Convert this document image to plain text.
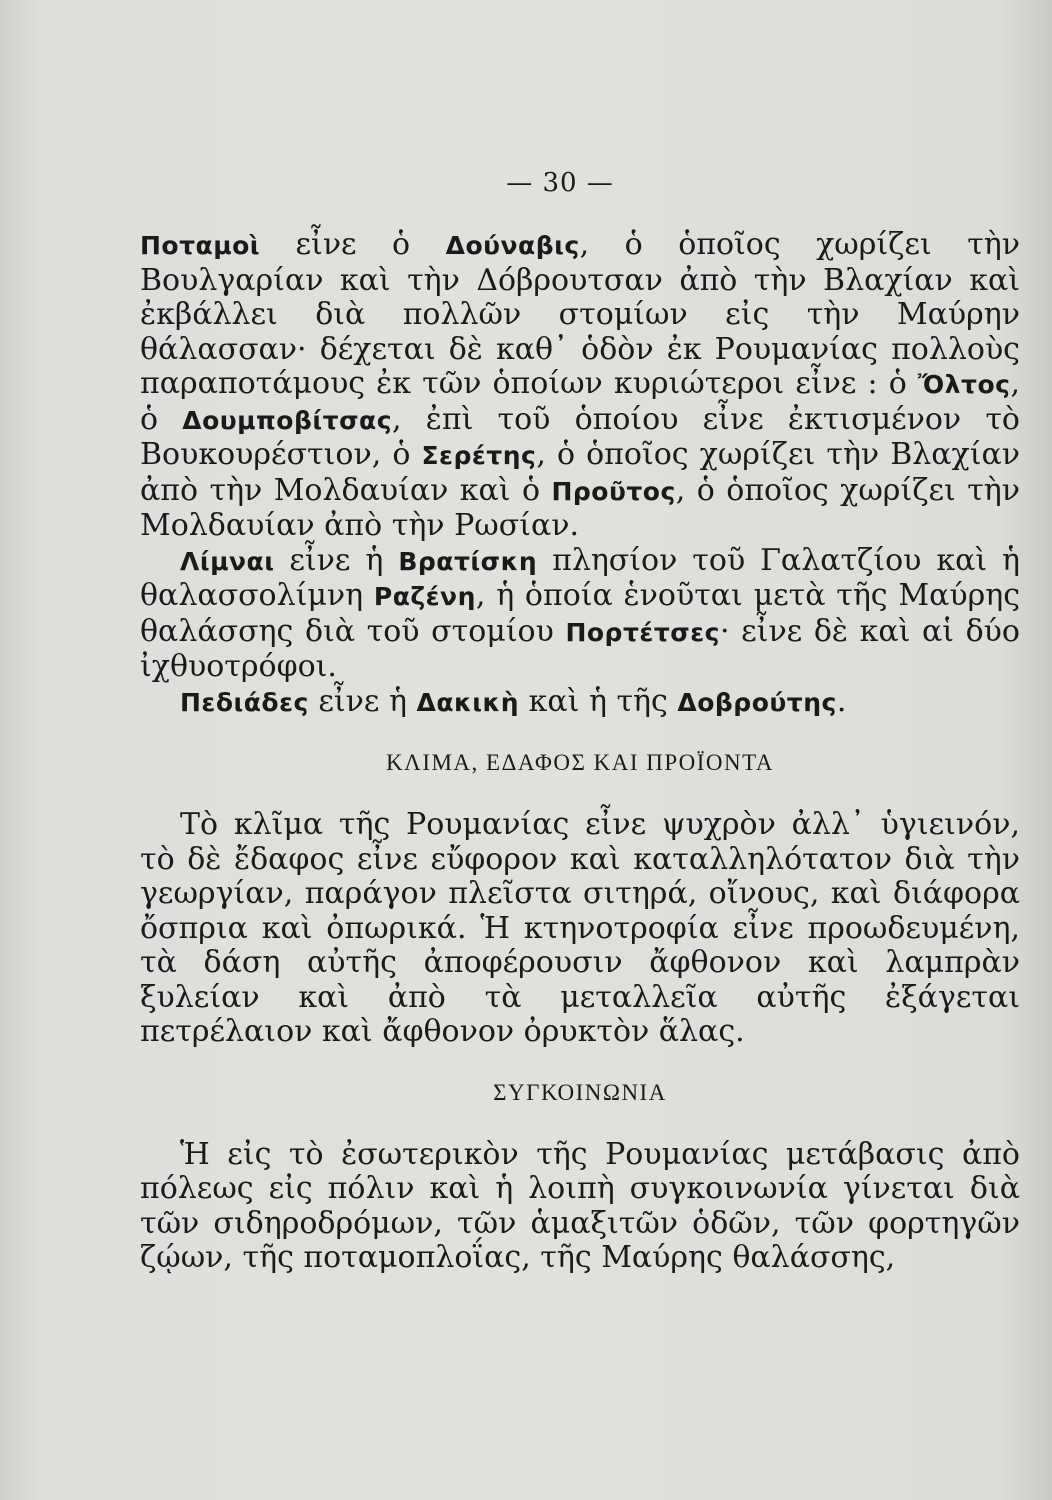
— 30 —

Ποταμοὶ εἶνε ὁ Δούναβις, ὁ ὁποῖος χωρίζει τὴν Βουλγαρίαν καὶ τὴν Δόβρουτσαν ἀπὸ τὴν Βλαχίαν καὶ ἐκβάλλει διὰ πολλῶν στομίων εἰς τὴν Μαύρην θάλασσαν· δέχεται δὲ καθ᾽ ὁδὸν ἐκ Ρουμανίας πολλοὺς παραποτάμους ἐκ τῶν ὁποίων κυριώτεροι εἶνε : ὁ Ὄλτος, ὁ Δουμποβίτσας, ἐπὶ τοῦ ὁποίου εἶνε ἐκτισμένον τὸ Βουκουρέστιον, ὁ Σερέτης, ὁ ὁποῖος χωρίζει τὴν Βλαχίαν ἀπὸ τὴν Μολδαυίαν καὶ ὁ Προῦτος, ὁ ὁποῖος χωρίζει τὴν Μολδαυίαν ἀπὸ τὴν Ρωσίαν.

Λίμναι εἶνε ἡ Βρατίσκη πλησίον τοῦ Γαλατζίου καὶ ἡ θαλασσολίμνη Ραζένη, ἡ ὁποία ἑνοῦται μετὰ τῆς Μαύρης θαλάσσης διὰ τοῦ στομίου Πορτέτσες· εἶνε δὲ καὶ αἱ δύο ἰχθυοτρόφοι.

Πεδιάδες εἶνε ἡ Δακικὴ καὶ ἡ τῆς Δοβρούτης.

ΚΛΙΜΑ, ΕΔΑΦΟΣ ΚΑΙ ΠΡΟΪΟΝΤΑ

Τὸ κλῖμα τῆς Ρουμανίας εἶνε ψυχρὸν ἀλλ᾽ ὑγιεινόν, τὸ δὲ ἔδαφος εἶνε εὔφορον καὶ καταλληλότατον διὰ τὴν γεωργίαν, παράγον πλεῖστα σιτηρά, οἴνους, καὶ διάφορα ὄσπρια καὶ ὀπωρικά. Ἡ κτηνοτροφία εἶνε προωδευμένη, τὰ δάση αὐτῆς ἀποφέρουσιν ἄφθονον καὶ λαμπρὰν ξυλείαν καὶ ἀπὸ τὰ μεταλλεῖα αὐτῆς ἐξάγεται πετρέλαιον καὶ ἄφθονον ὀρυκτὸν ἅλας.

ΣΥΓΚΟΙΝΩΝΙΑ

Ἡ εἰς τὸ ἐσωτερικὸν τῆς Ρουμανίας μετάβασις ἀπὸ πόλεως εἰς πόλιν καὶ ἡ λοιπὴ συγκοινωνία γίνεται διὰ τῶν σιδηροδρόμων, τῶν ἁμαξιτῶν ὁδῶν, τῶν φορτηγῶν ζῴων, τῆς ποταμοπλοΐας, τῆς Μαύρης θαλάσσης,
